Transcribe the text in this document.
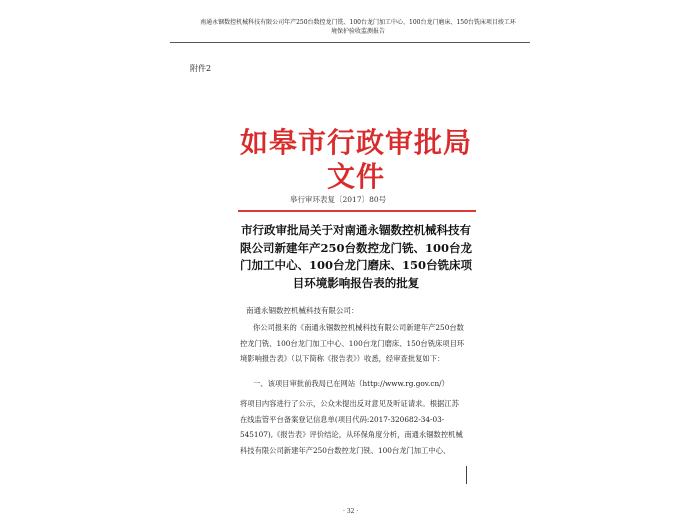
南通永锢数控机械科技有限公司年产250台数控龙门铣、100台龙门加工中心、100台龙门磨床、150台铣床项目竣工环境保护验收监测报告
附件2
如皋市行政审批局文件
皋行审环表复〔2017〕80号
市行政审批局关于对南通永锢数控机械科技有限公司新建年产250台数控龙门铣、100台龙门加工中心、100台龙门磨床、150台铣床项目环境影响报告表的批复
南通永锢数控机械科技有限公司：
你公司报来的《南通永锢数控机械科技有限公司新建年产250台数控龙门铣、100台龙门加工中心、100台龙门磨床、150台铣床项目环境影响报告表》（以下简称《报告表》）收悉，经审查批复如下：
一、该项目审批前我局已在网站（http://www.rg.gov.cn/）
将项目内容进行了公示，公众未提出反对意见及听证请求。根据江苏在线监管平台备案登记信息单(项目代码:2017-320682-34-03-545107),《报告表》评价结论，从环保角度分析，南通永锢数控机械科技有限公司新建年产250台数控龙门铣、100台龙门加工中心、
· 32 ·
